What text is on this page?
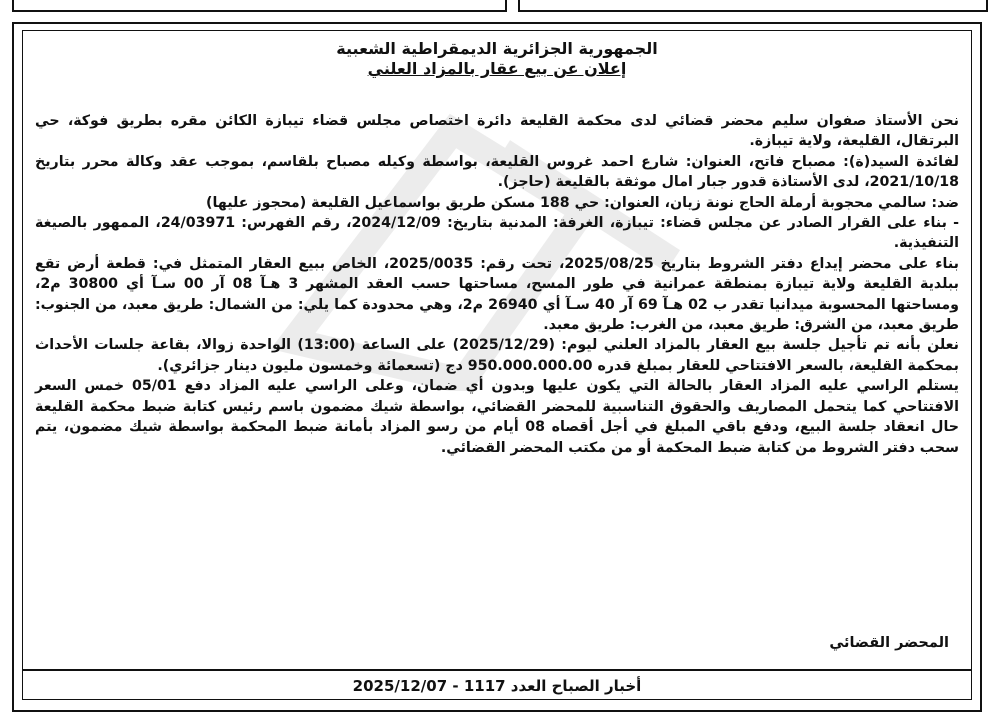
الجمهورية الجزائرية الديمقراطية الشعبية
إعلان عن بيع عقار بالمزاد العلني

نحن الأستاذ صفوان سليم محضر قضائي لدى محكمة القليعة دائرة اختصاص مجلس قضاء تيبازة الكائن مقره بطريق فوكة، حي البرتقال، القليعة، ولاية تيبازة.

لفائدة السيد(ة): مصباح فاتح، العنوان: شارع احمد غروس القليعة، بواسطة وكيله مصباح بلقاسم، بموجب عقد وكالة محرر بتاريخ 2021/10/18، لدى الأستاذة قدور جبار امال موثقة بالقليعة (حاجز).

ضد: سالمي محجوبة أرملة الحاج نونة زيان، العنوان: حي 188 مسكن طريق بواسماعيل القليعة (محجوز عليها)

- بناء على القرار الصادر عن مجلس قضاء: تيبازة، الغرفة: المدنية بتاريخ: 2024/12/09، رقم الفهرس: 24/03971، الممهور بالصيغة التنفيذية.

بناء على محضر إيداع دفتر الشروط بتاريخ 2025/08/25، تحت رقم: 2025/0035، الخاص ببيع العقار المتمثل في: قطعة أرض تقع ببلدية القليعة ولاية تيبازة بمنطقة عمرانية في طور المسح، مساحتها حسب العقد المشهر 3 هـآ 08 آر 00 سـآ أي 30800 م2، ومساحتها المحسوبة ميدانيا تقدر ب 02 هـآ 69 آر 40 سـآ أي 26940 م2، وهي محدودة كما يلي: من الشمال: طريق معبد، من الجنوب: طريق معبد، من الشرق: طريق معبد، من الغرب: طريق معبد.

نعلن بأنه تم تأجيل جلسة بيع العقار بالمزاد العلني ليوم: (2025/12/29) على الساعة (13:00) الواحدة زوالا، بقاعة جلسات الأحداث بمحكمة القليعة، بالسعر الافتتاحي للعقار بمبلغ قدره 950.000.000.00 دج (تسعمائة وخمسون مليون دينار جزائري).

يستلم الراسي عليه المزاد العقار بالحالة التي يكون عليها وبدون أي ضمان، وعلى الراسي عليه المزاد دفع 05/01 خمس السعر الافتتاحي كما يتحمل المصاريف والحقوق التناسبية للمحضر القضائي، بواسطة شيك مضمون باسم رئيس كتابة ضبط محكمة القليعة حال انعقاد جلسة البيع، ودفع باقي المبلغ في أجل أقصاه 08 أيام من رسو المزاد بأمانة ضبط المحكمة بواسطة شيك مضمون، يتم سحب دفتر الشروط من كتابة ضبط المحكمة أو من مكتب المحضر القضائي.

المحضر القضائي
أخبار الصباح العدد 1117 - 2025/12/07
